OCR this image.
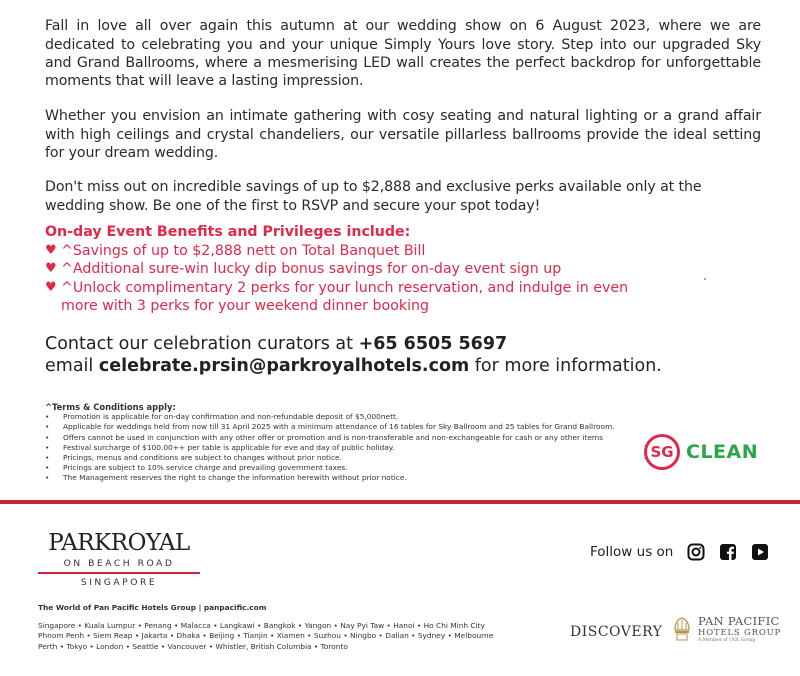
Fall in love all over again this autumn at our wedding show on 6 August 2023, where we are dedicated to celebrating you and your unique Simply Yours love story. Step into our upgraded Sky and Grand Ballrooms, where a mesmerising LED wall creates the perfect backdrop for unforgettable moments that will leave a lasting impression.

Whether you envision an intimate gathering with cosy seating and natural lighting or a grand affair with high ceilings and crystal chandeliers, our versatile pillarless ballrooms provide the ideal setting for your dream wedding.

Don't miss out on incredible savings of up to $2,888 and exclusive perks available only at the wedding show. Be one of the first to RSVP and secure your spot today!

On-day Event Benefits and Privileges include:
♥ ^Savings of up to $2,888 nett on Total Banquet Bill
♥ ^Additional sure-win lucky dip bonus savings for on-day event sign up
♥ ^Unlock complimentary 2 perks for your lunch reservation, and indulge in even more with 3 perks for your weekend dinner booking
Contact our celebration curators at +65 6505 5697
email celebrate.prsin@parkroyalhotels.com for more information.
^Terms & Conditions apply:
• Promotion is applicable for on-day confirmation and non-refundable deposit of $5,000nett.
• Applicable for weddings held from now till 31 April 2025 with a minimum attendance of 16 tables for Sky Ballroom and 25 tables for Grand Ballroom.
• Offers cannot be used in conjunction with any other offer or promotion and is non-transferable and non-exchangeable for cash or any other items
• Festival surcharge of $100.00++ per table is applicable for eve and day of public holiday.
• Pricings, menus and conditions are subject to changes without prior notice.
• Pricings are subject to 10% service charge and prevailing government taxes.
• The Management reserves the right to change the information herewith without prior notice.
SG CLEAN
PARKROYAL
ON BEACH ROAD
SINGAPORE
Follow us on
The World of Pan Pacific Hotels Group | panpacific.com
Singapore • Kuala Lumpur • Penang • Malacca • Langkawi • Bangkok • Yangon • Nay Pyi Taw • Hanoi • Ho Chi Minh City
Phnom Penh • Siem Reap • Jakarta • Dhaka • Beijing • Tianjin • Xiamen • Suzhou • Ningbo • Dalian • Sydney • Melbourne
Perth • Tokyo • London • Seattle • Vancouver • Whistler, British Columbia • Toronto
DISCOVERY
PAN PACIFIC
HOTELS GROUP
A Member of UOL Group
